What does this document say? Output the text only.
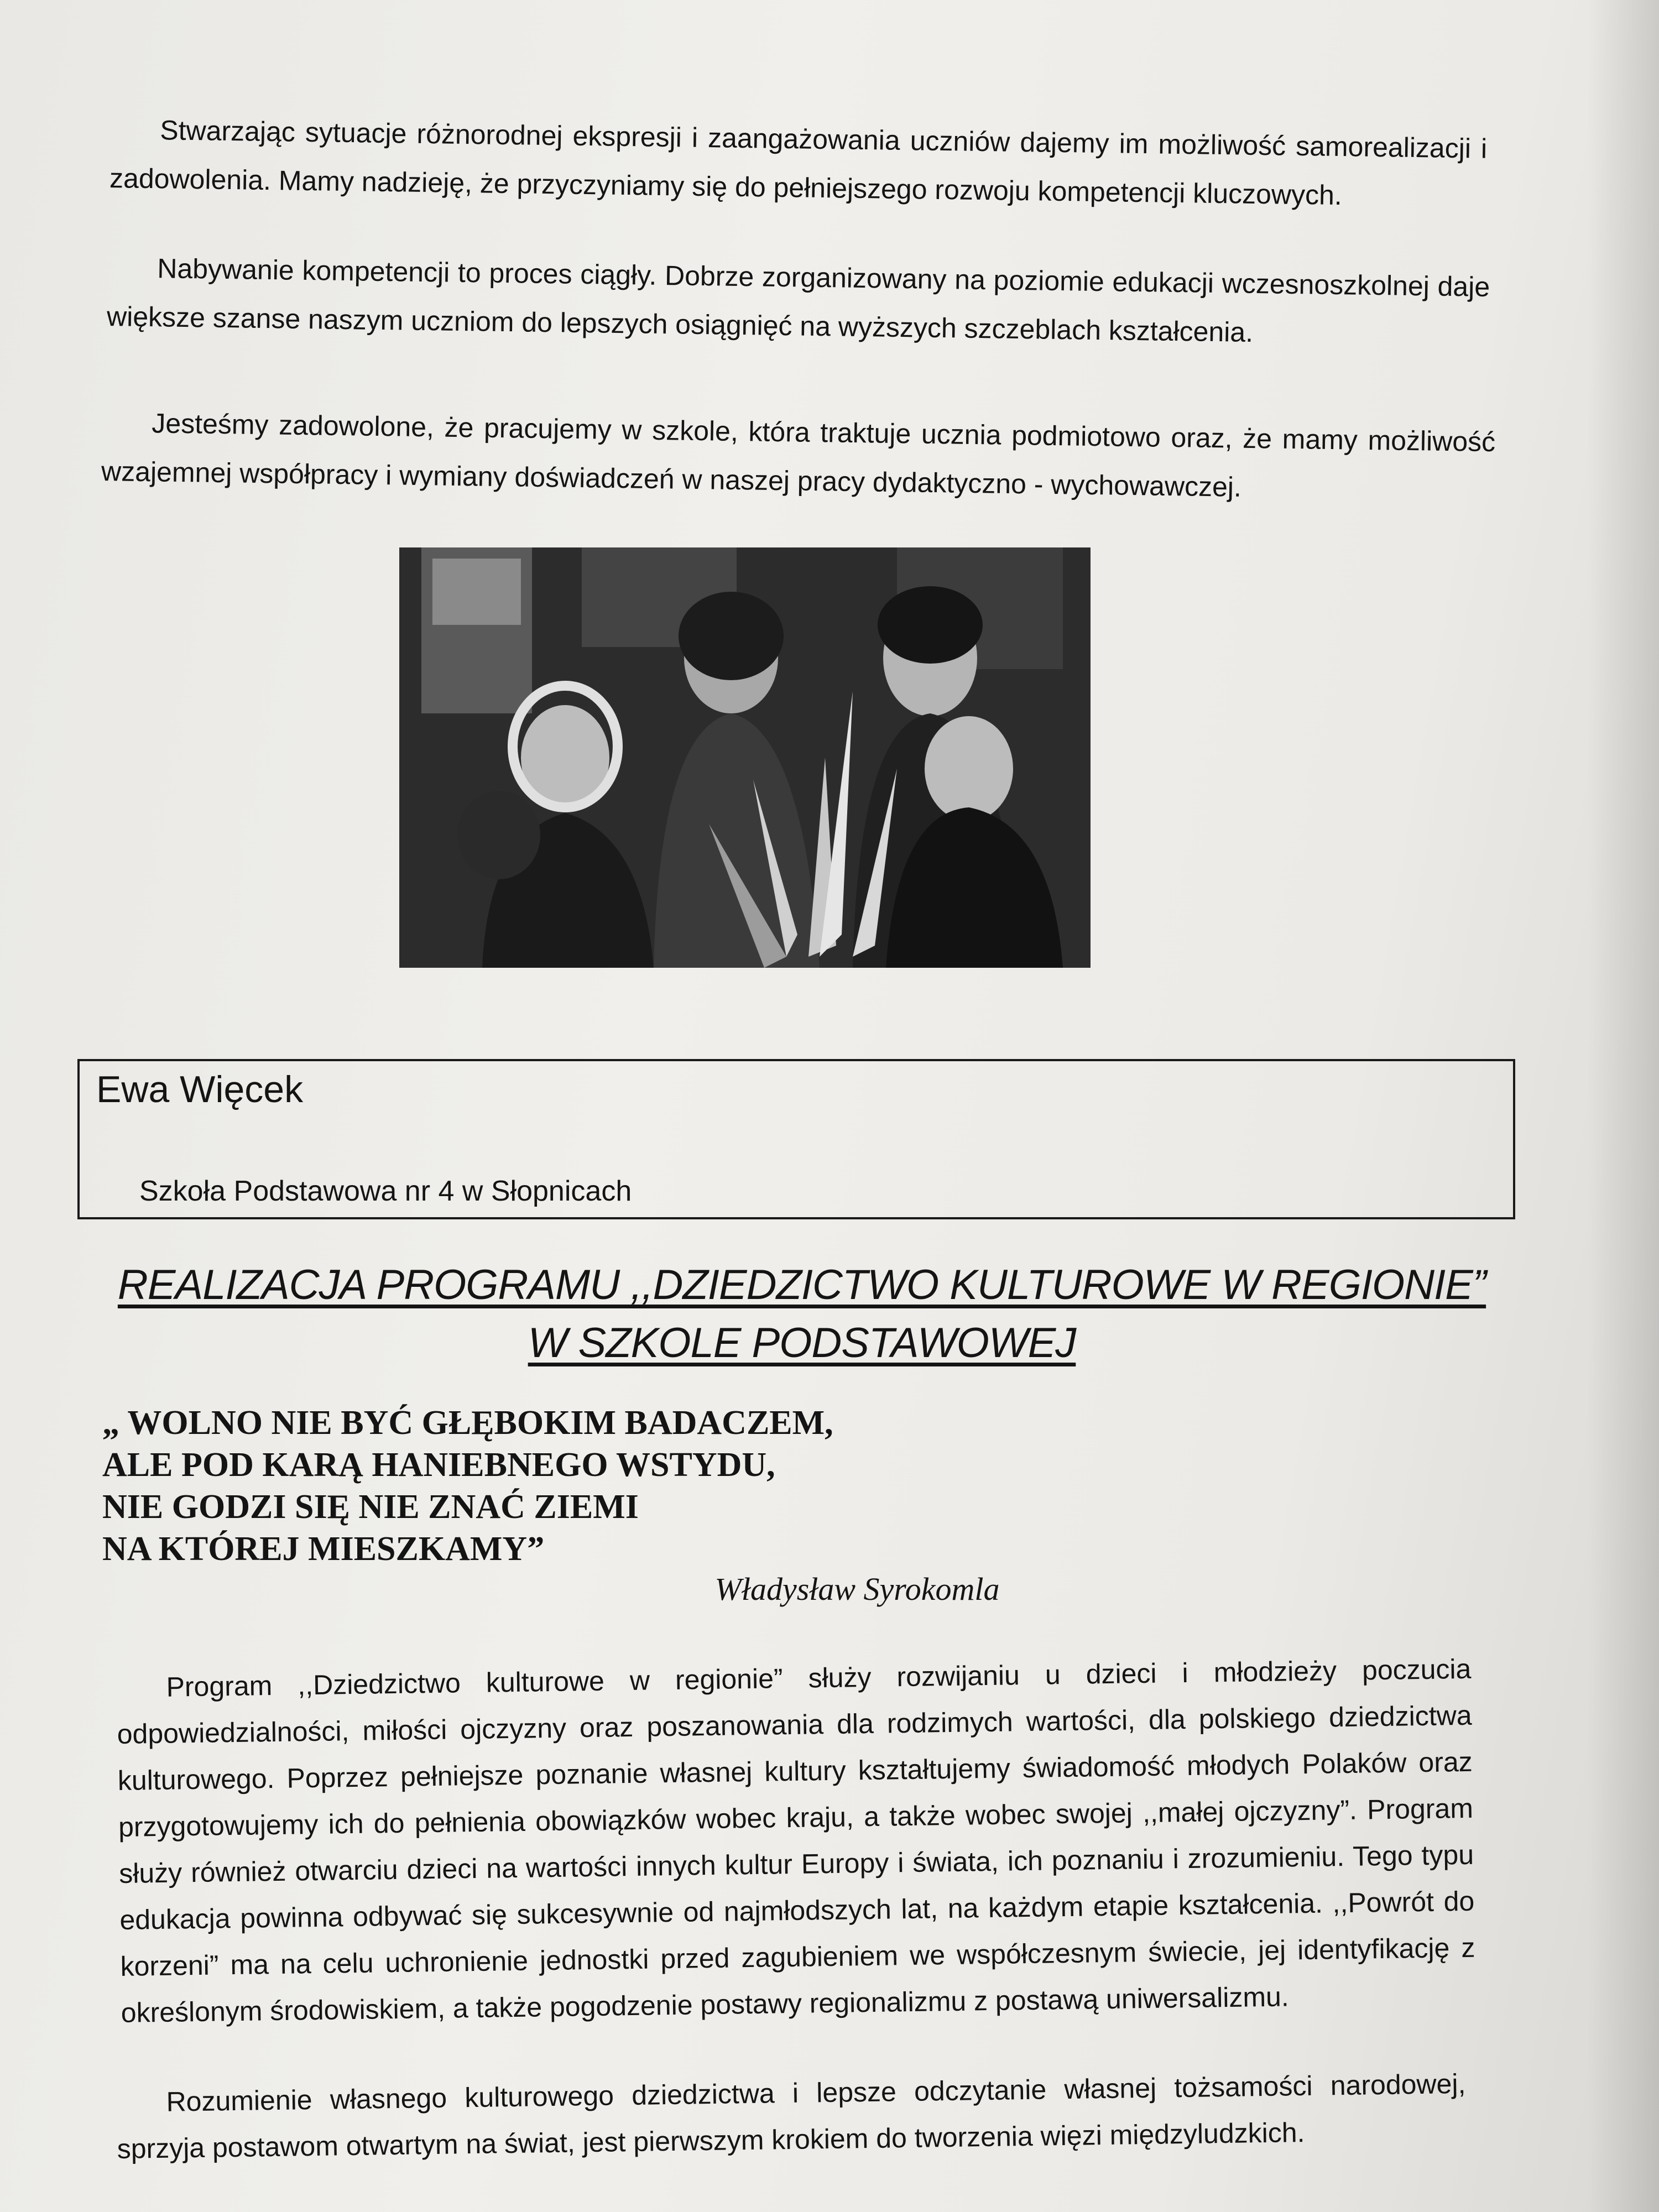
Stwarzając sytuacje różnorodnej ekspresji i zaangażowania uczniów dajemy im możliwość samorealizacji i zadowolenia. Mamy nadzieję, że przyczyniamy się do pełniejszego rozwoju kompetencji kluczowych.

Nabywanie kompetencji to proces ciągły. Dobrze zorganizowany na poziomie edukacji wczesnoszkolnej daje większe szanse naszym uczniom do lepszych osiągnięć na wyższych szczeblach kształcenia.

Jesteśmy zadowolone, że pracujemy w szkole, która traktuje ucznia podmiotowo oraz, że mamy możliwość wzajemnej współpracy i wymiany doświadczeń w naszej pracy dydaktyczno - wychowawczej.

Ewa Więcek

Szkoła Podstawowa nr 4 w Słopnicach

REALIZACJA PROGRAMU ,,DZIEDZICTWO KULTUROWE W REGIONIE”

W SZKOLE PODSTAWOWEJ

„ WOLNO NIE BYĆ GŁĘBOKIM BADACZEM,
ALE POD KARĄ HANIEBNEGO WSTYDU,
NIE GODZI SIĘ NIE ZNAĆ ZIEMI
NA KTÓREJ MIESZKAMY”

Władysław Syrokomla

Program ,,Dziedzictwo kulturowe w regionie” służy rozwijaniu u dzieci i młodzieży poczucia odpowiedzialności, miłości ojczyzny oraz poszanowania dla rodzimych wartości, dla polskiego dziedzictwa kulturowego. Poprzez pełniejsze poznanie własnej kultury kształtujemy świadomość młodych Polaków oraz przygotowujemy ich do pełnienia obowiązków wobec kraju, a także wobec swojej ,,małej ojczyzny”. Program służy również otwarciu dzieci na wartości innych kultur Europy i świata, ich poznaniu i zrozumieniu. Tego typu edukacja powinna odbywać się sukcesywnie od najmłodszych lat, na każdym etapie kształcenia. ,,Powrót do korzeni” ma na celu uchronienie jednostki przed zagubieniem we współczesnym świecie, jej identyfikację z określonym środowiskiem, a także pogodzenie postawy regionalizmu z postawą uniwersalizmu.

Rozumienie własnego kulturowego dziedzictwa i lepsze odczytanie własnej tożsamości narodowej, sprzyja postawom otwartym na świat, jest pierwszym krokiem do tworzenia więzi międzyludzkich.
